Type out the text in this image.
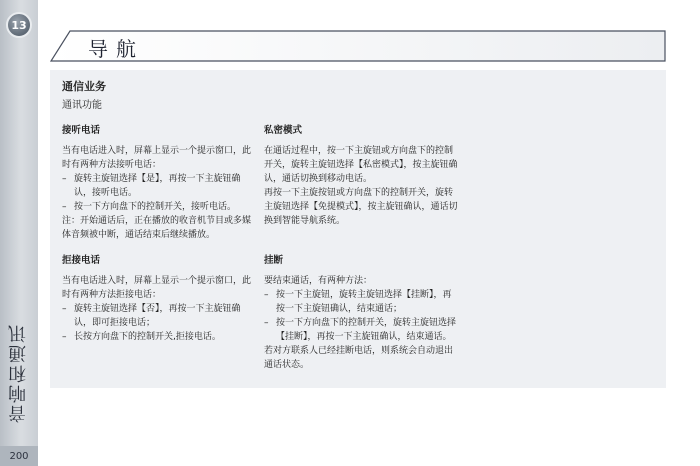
13
音响和通讯
200
导航
通信业务
通讯功能
接听电话

当有电话进入时，屏幕上显示一个提示窗口，此时有两种方法接听电话：

– 旋转主旋钮选择【是】，再按一下主旋钮确认，接听电话。

– 按一下方向盘下的控制开关，接听电话。

注：开始通话后，正在播放的收音机节目或多媒体音频被中断，通话结束后继续播放。

拒接电话

当有电话进入时，屏幕上显示一个提示窗口，此时有两种方法拒接电话：

– 旋转主旋钮选择【否】，再按一下主旋钮确认，即可拒接电话；

– 长按方向盘下的控制开关,拒接电话。

私密模式

在通话过程中，按一下主旋钮或方向盘下的控制开关，旋转主旋钮选择【私密模式】，按主旋钮确认，通话切换到移动电话。

再按一下主旋按钮或方向盘下的控制开关，旋转主旋钮选择【免提模式】，按主旋钮确认，通话切换到智能导航系统。

挂断

要结束通话，有两种方法：

– 按一下主旋钮，旋转主旋钮选择【挂断】，再按一下主旋钮确认，结束通话；

– 按一下方向盘下的控制开关，旋转主旋钮选择【挂断】，再按一下主旋钮确认，结束通话。

若对方联系人已经挂断电话，则系统会自动退出通话状态。
